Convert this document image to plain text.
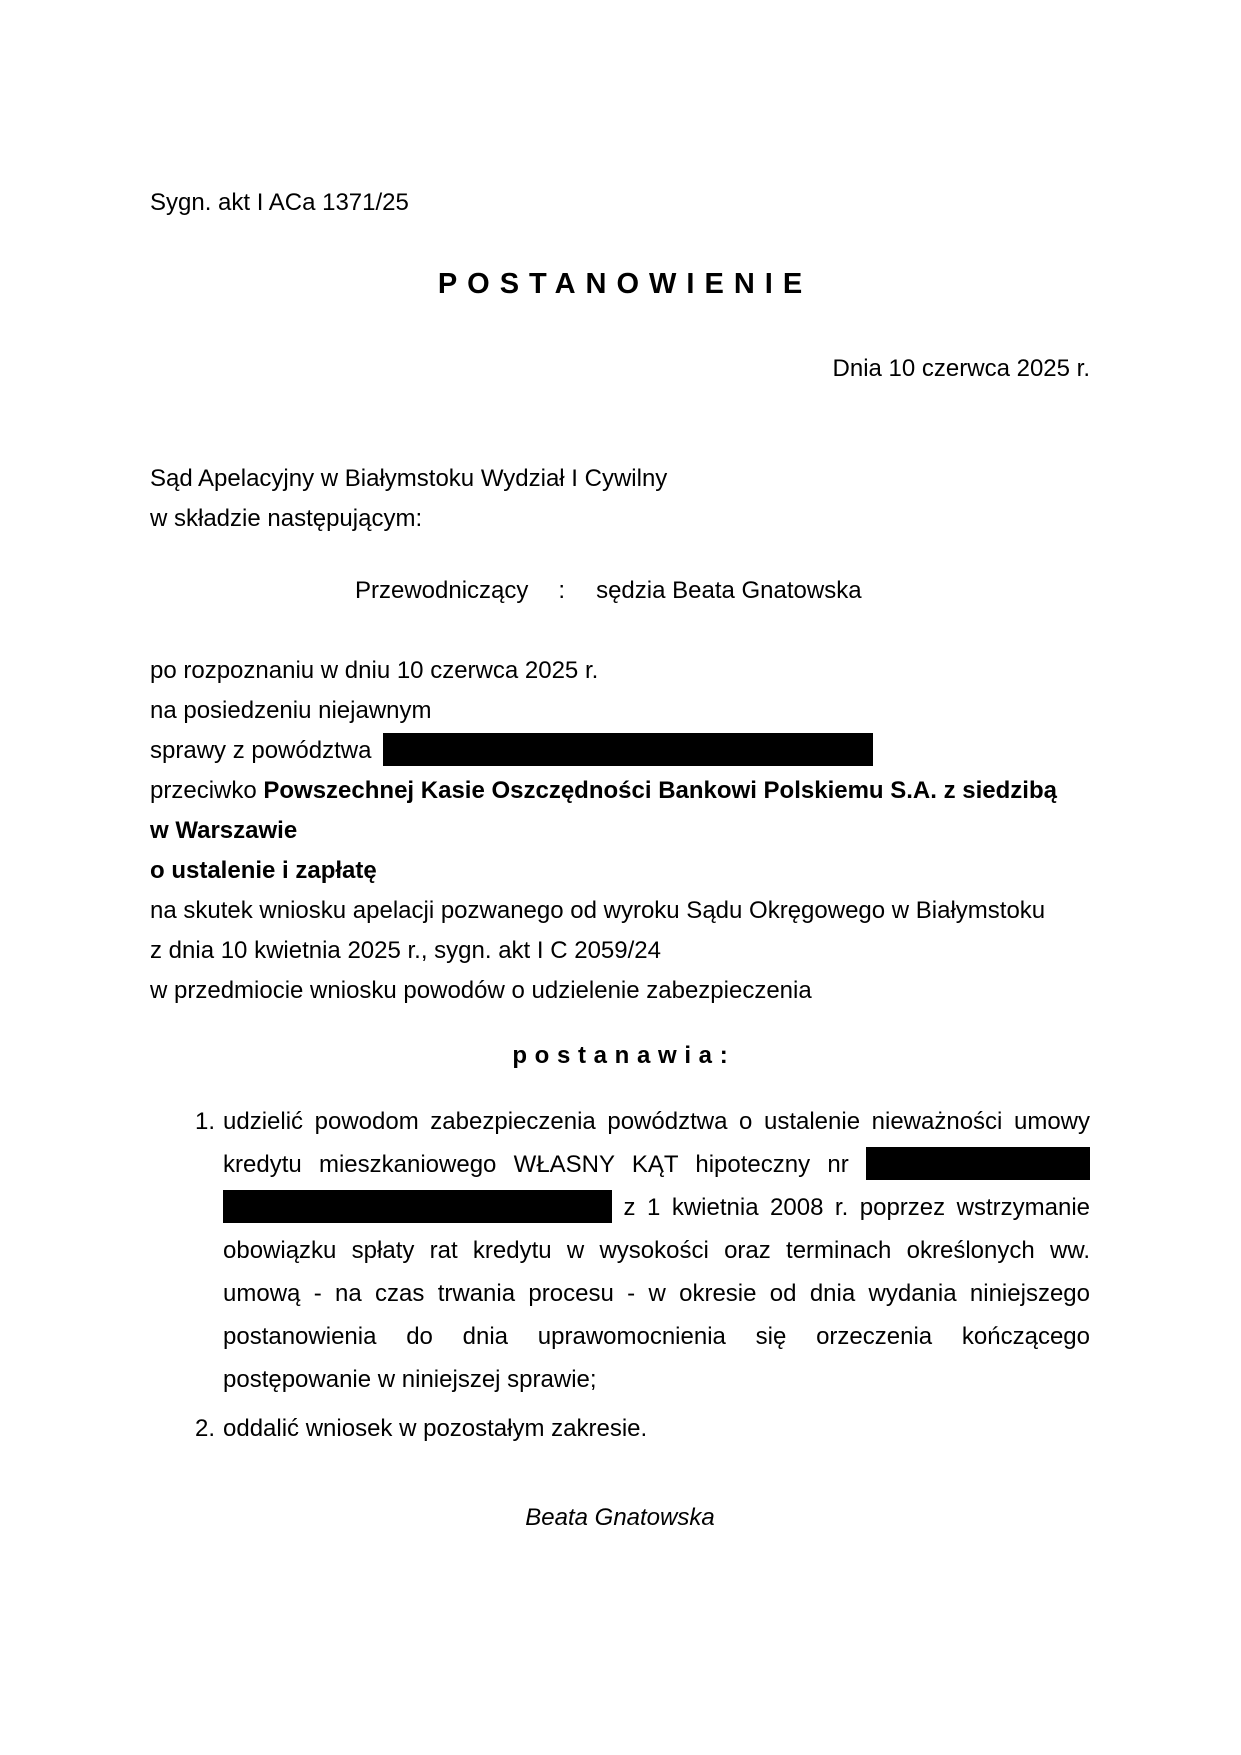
Sygn. akt I ACa 1371/25
POSTANOWIENIE
Dnia 10 czerwca 2025 r.
Sąd Apelacyjny w Białymstoku Wydział I Cywilny
w składzie następującym:
Przewodniczący : sędzia Beata Gnatowska
po rozpoznaniu w dniu 10 czerwca 2025 r.
na posiedzeniu niejawnym
sprawy z powództwa
przeciwko Powszechnej Kasie Oszczędności Bankowi Polskiemu S.A. z siedzibą
w Warszawie
o ustalenie i zapłatę
na skutek wniosku apelacji pozwanego od wyroku Sądu Okręgowego w Białymstoku
z dnia 10 kwietnia 2025 r., sygn. akt I C 2059/24
w przedmiocie wniosku powodów o udzielenie zabezpieczenia
p o s t a n a w i a :
1. udzielić powodom zabezpieczenia powództwa o ustalenie nieważności umowy
kredytu mieszkaniowego WŁASNY KĄT hipoteczny nr
z 1 kwietnia 2008 r. poprzez wstrzymanie
obowiązku spłaty rat kredytu w wysokości oraz terminach określonych ww.
umową - na czas trwania procesu - w okresie od dnia wydania niniejszego
postanowienia do dnia uprawomocnienia się orzeczenia kończącego
postępowanie w niniejszej sprawie;
2. oddalić wniosek w pozostałym zakresie.
Beata Gnatowska
